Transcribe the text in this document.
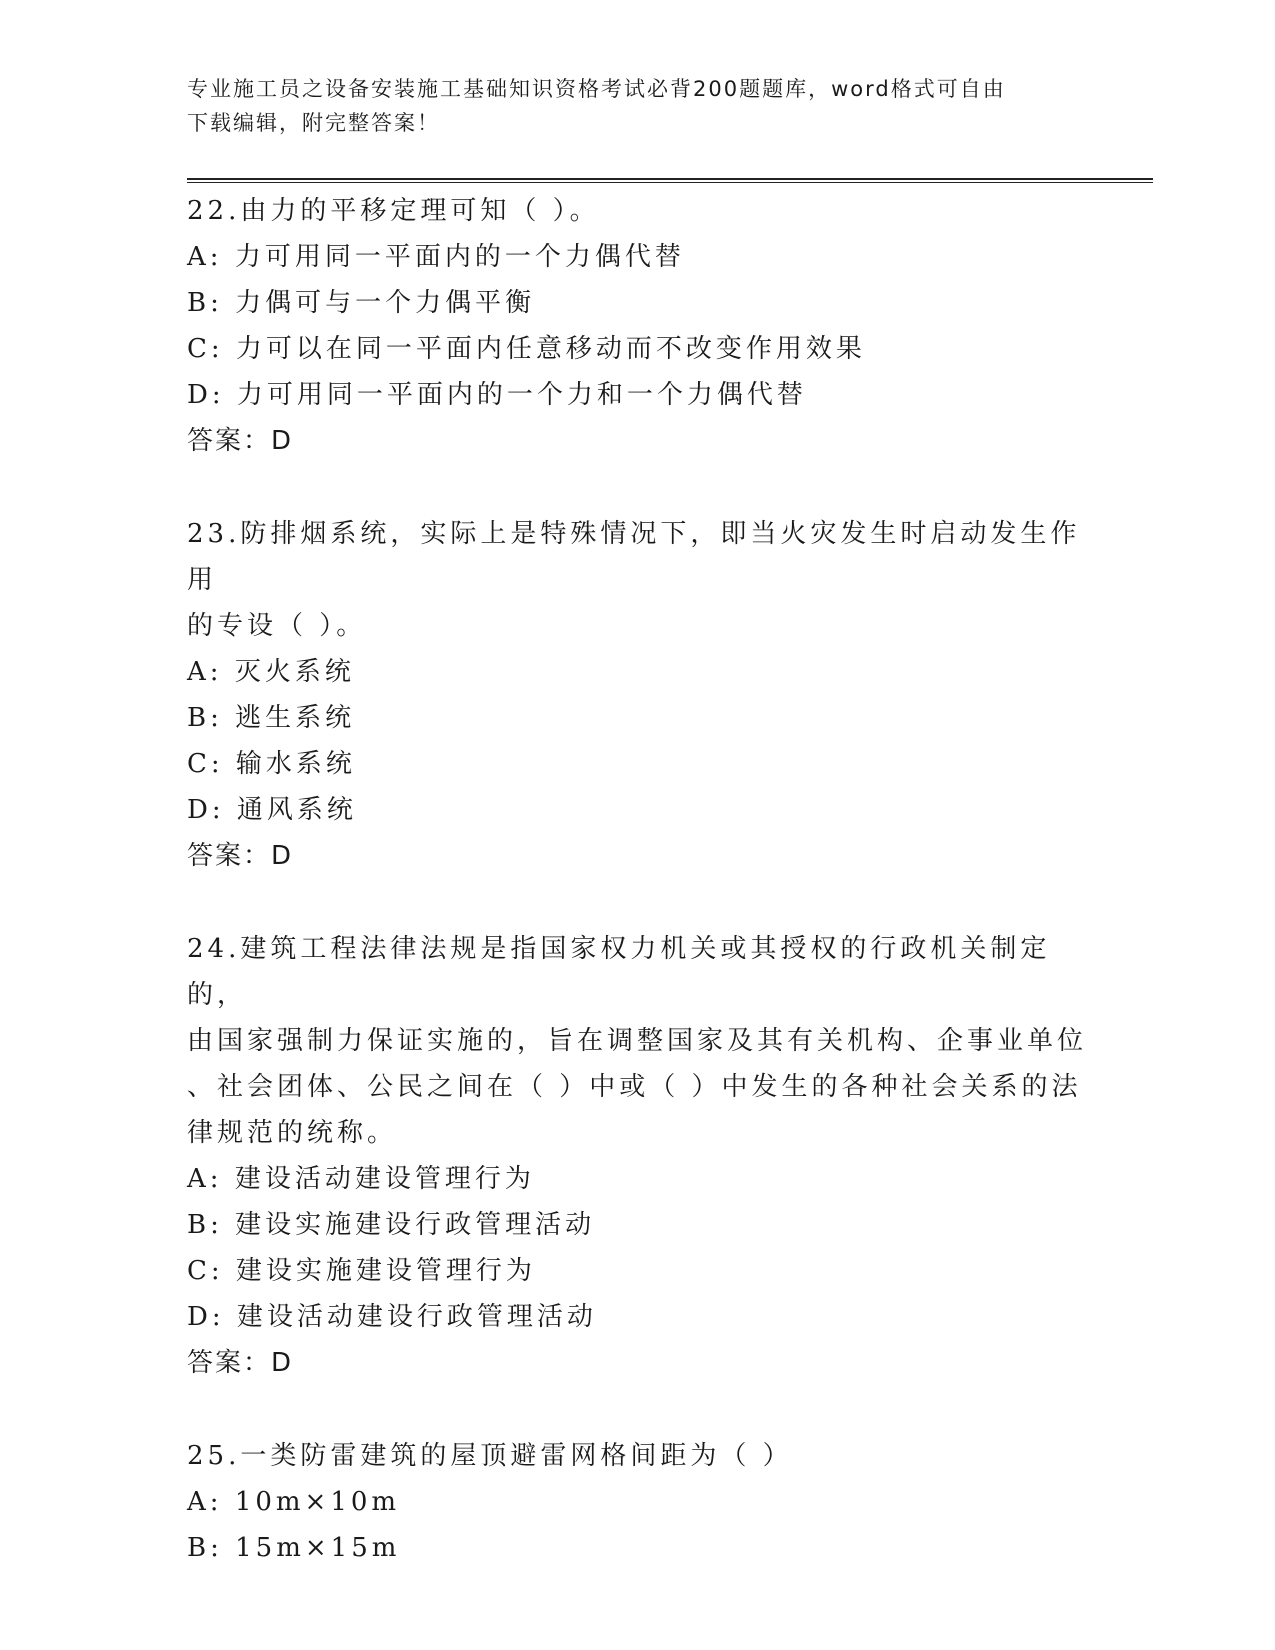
专业施工员之设备安装施工基础知识资格考试必背200题题库，word格式可自由
下载编辑，附完整答案！
22.由力的平移定理可知（ ）。
A:
力可用同一平面内的一个力偶代替
B:
力偶可与一个力偶平衡
C:
力可以在同一平面内任意移动而不改变作用效果
D:
力可用同一平面内的一个力和一个力偶代替
答案：D
23.防排烟系统，实际上是特殊情况下，即当火灾发生时启动发生作用
的专设（ ）。
A:
灭火系统
B:
逃生系统
C:
输水系统
D:
通风系统
答案：D
24.建筑工程法律法规是指国家权力机关或其授权的行政机关制定的，
由国家强制力保证实施的，旨在调整国家及其有关机构、企事业单位
、社会团体、公民之间在（ ）中或（ ）中发生的各种社会关系的法
律规范的统称。
A:
建设活动建设管理行为
B:
建设实施建设行政管理活动
C:
建设实施建设管理行为
D:
建设活动建设行政管理活动
答案：D
25.一类防雷建筑的屋顶避雷网格间距为（ ）
A:
10m×10m
B:
15m×15m
